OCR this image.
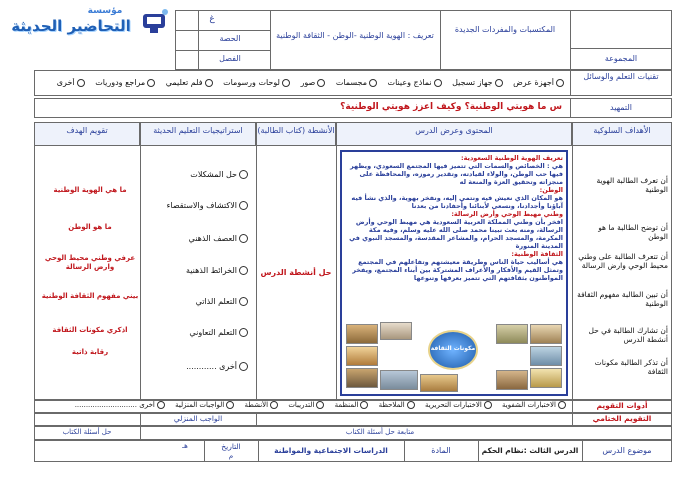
مؤسسة
التحاضير الحديثة	غ
الحصة
الفصل
تعريف : الهوية الوطنية -الوطن - الثقافة الوطنية
المكتسبات والمفردات الجديدة
المجموعة
تقنيات التعلم والوسائل
أجهزة عرض جهاز تسجيل نماذج وعينات مجسمات صور لوحات ورسومات فلم تعليمي مراجع ودوريات أخرى
التمهيد
س ما هويتي الوطنية؟ وكيف اعزز هويتي الوطنية؟
الأهداف السلوكية
المحتوى وعرض الدرس
الأنشطة (كتاب الطالبة)
استراتيجيات التعليم الحديثة
تقويم الهدف
أن تعرف الطالبة الهوية الوطنية
أن توضح الطالبة ما هو الوطن
أن تتعرف الطالبة على وطني محيط الوحي وارض الرسالة
أن تبين الطالبة مفهوم الثقافة الوطنية
أن تشارك الطالبة في حل أنشطة الدرس
أن تذكر الطالبة مكونات الثقافة

تعريف الهوية الوطنية السعودية:

هي : الخصائص والسمات التي تتميز فيها المجتمع السعودي، ويظهر فيها حب الوطن، والولاء لقيادته، وتقدير رموزه، والمحافظة على منجزاته وتحقيق العزة والمنعة له

الوطن:

هو المكان الذي نعيش فيه ونتمي إليه، ونفخر بهوية، والذي نشأ فيه آباؤنا وأجدادنا، ونسعى لأبنائنا وأحفادنا من بعدنا

وطني مهبط الوحي وأرض الرسالة:

افخر بأن وطني المملكة العربية السعودية هي مهبط الوحي وأرض الرسالة، ومنه بعث نبينا محمد صلى الله عليه وسلم، وفيه مكة المكرمة، والمسجد الحرام، والمشاعر المقدسة، والمسجد النبوي في المدينة المنورة

الثقافة الوطنية:

هي أساليب حياة الناس وطريقة معيشتهم وتفاعلهم في المجتمع وتمثل القيم والأفكار والأعراف المشتركة بين أبناء المجتمع، ويفخر المواطنون بثقافتهم التي تتميز بعرفها وتنوعها

مكونات الثقافة
حل أنشطة الدرس
حل المشكلات
الاكتشاف والاستقصاء
العصف الذهني
الخرائط الذهنية
التعلم الذاتي
التعلم التعاوني
أخرى ............
ما هي الهوية الوطنية
ما هو الوطن
عرفي وطني محيط الوحي وارض الرسالة
بيني مفهوم الثقافة الوطنية
اذكري مكونات الثقافة
رقابة ذاتية
أدوات التقويم
الاختبارات الشفوية الاختبارات التحريرية الملاحظة المنظمة التدريبات الأنشطة الواجبات المنزلية أخرى ............................
التقويم الختامي
الواجب المنزلي
متابعة حل أسئلة الكتاب
حل أسئلة الكتاب
موضوع الدرس
الدرس الثالث :نظام الحكم
المادة
الدراسات الاجتماعية والمواطنة
التاريخ
هـ
م
